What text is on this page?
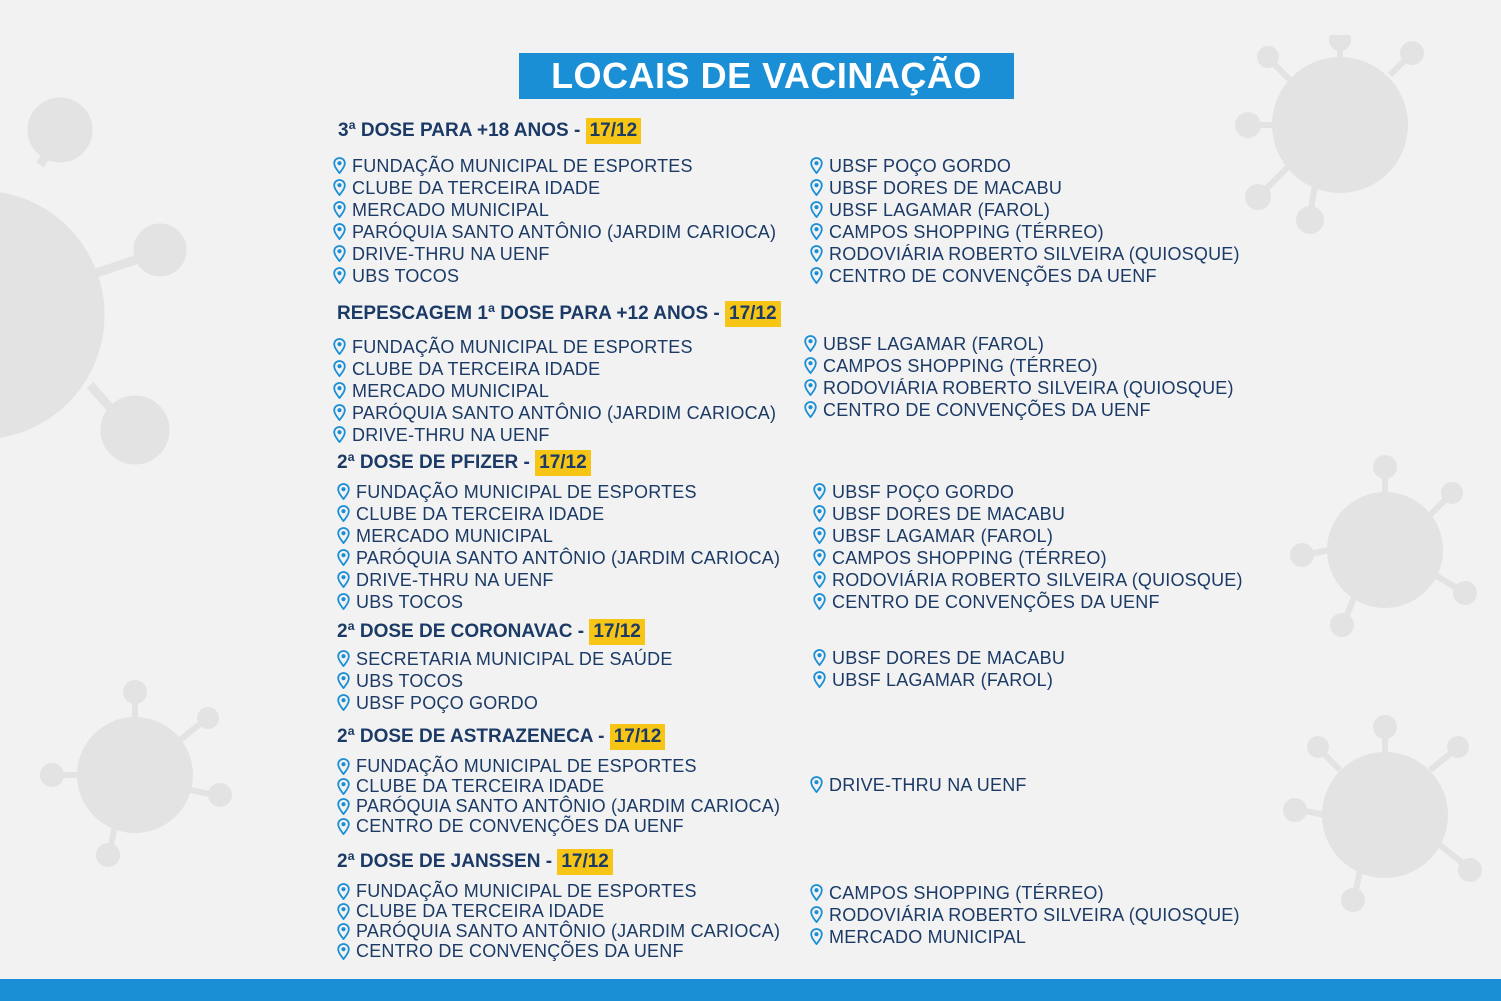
LOCAIS DE VACINAÇÃO
3ª DOSE PARA +18 ANOS - 17/12
FUNDAÇÃO MUNICIPAL DE ESPORTES
CLUBE DA TERCEIRA IDADE
MERCADO MUNICIPAL
PARÓQUIA SANTO ANTÔNIO (JARDIM CARIOCA)
DRIVE-THRU NA UENF
UBS TOCOS
UBSF POÇO GORDO
UBSF DORES DE MACABU
UBSF LAGAMAR (FAROL)
CAMPOS SHOPPING (TÉRREO)
RODOVIÁRIA ROBERTO SILVEIRA (QUIOSQUE)
CENTRO DE CONVENÇÕES DA UENF
REPESCAGEM 1ª DOSE PARA +12 ANOS - 17/12
FUNDAÇÃO MUNICIPAL DE ESPORTES
CLUBE DA TERCEIRA IDADE
MERCADO MUNICIPAL
PARÓQUIA SANTO ANTÔNIO (JARDIM CARIOCA)
DRIVE-THRU NA UENF
UBSF LAGAMAR (FAROL)
CAMPOS SHOPPING (TÉRREO)
RODOVIÁRIA ROBERTO SILVEIRA (QUIOSQUE)
CENTRO DE CONVENÇÕES DA UENF
2ª DOSE DE PFIZER - 17/12
FUNDAÇÃO MUNICIPAL DE ESPORTES
CLUBE DA TERCEIRA IDADE
MERCADO MUNICIPAL
PARÓQUIA SANTO ANTÔNIO (JARDIM CARIOCA)
DRIVE-THRU NA UENF
UBS TOCOS
UBSF POÇO GORDO
UBSF DORES DE MACABU
UBSF LAGAMAR (FAROL)
CAMPOS SHOPPING (TÉRREO)
RODOVIÁRIA ROBERTO SILVEIRA (QUIOSQUE)
CENTRO DE CONVENÇÕES DA UENF
2ª DOSE DE CORONAVAC - 17/12
SECRETARIA MUNICIPAL DE SAÚDE
UBS TOCOS
UBSF POÇO GORDO
UBSF DORES DE MACABU
UBSF LAGAMAR (FAROL)
2ª DOSE DE ASTRAZENECA - 17/12
FUNDAÇÃO MUNICIPAL DE ESPORTES
CLUBE DA TERCEIRA IDADE
PARÓQUIA SANTO ANTÔNIO (JARDIM CARIOCA)
CENTRO DE CONVENÇÕES DA UENF
DRIVE-THRU NA UENF
2ª DOSE DE JANSSEN - 17/12
FUNDAÇÃO MUNICIPAL DE ESPORTES
CLUBE DA TERCEIRA IDADE
PARÓQUIA SANTO ANTÔNIO (JARDIM CARIOCA)
CENTRO DE CONVENÇÕES DA UENF
CAMPOS SHOPPING (TÉRREO)
RODOVIÁRIA ROBERTO SILVEIRA (QUIOSQUE)
MERCADO MUNICIPAL
